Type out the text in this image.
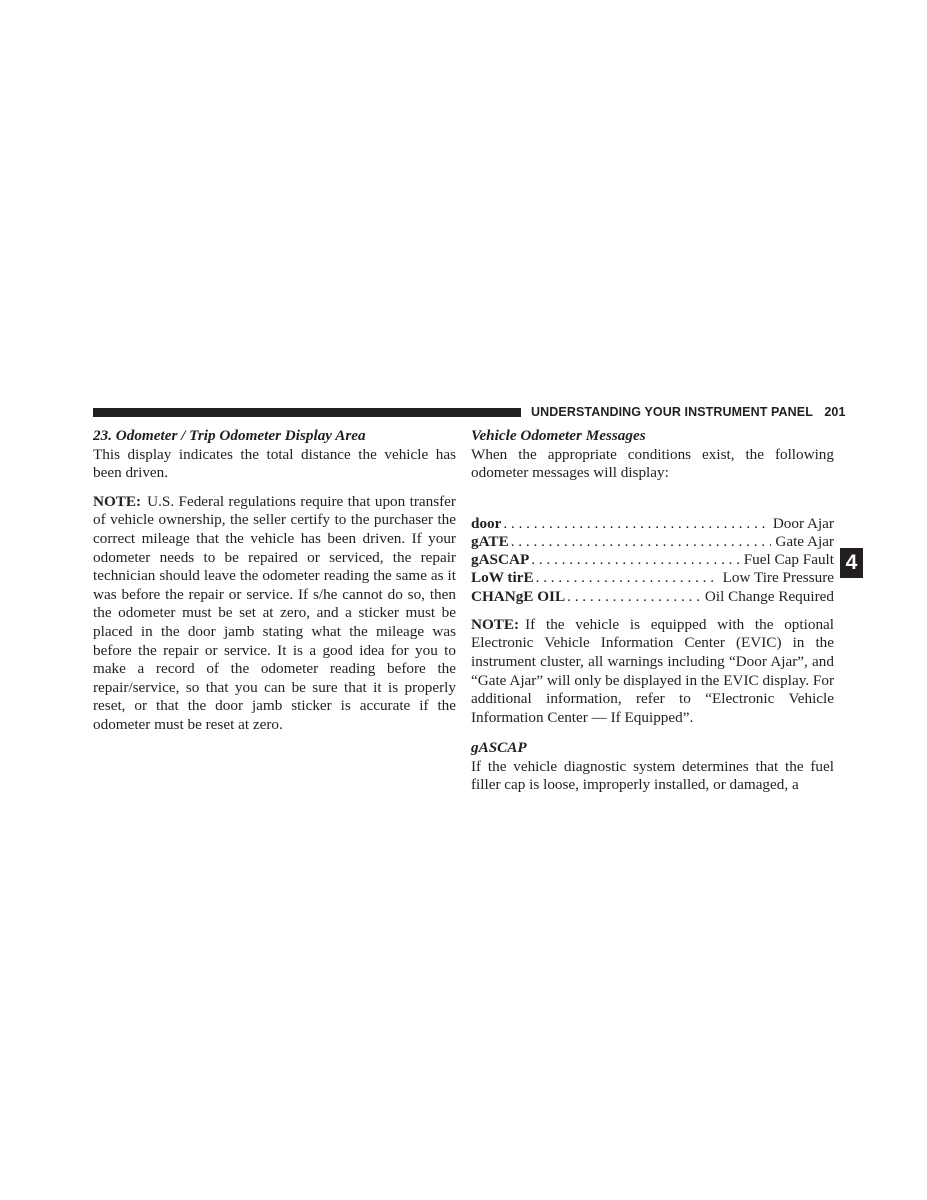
UNDERSTANDING YOUR INSTRUMENT PANEL 201
4
23. Odometer / Trip Odometer Display Area

This display indicates the total distance the vehicle has been driven.

NOTE: U.S. Federal regulations require that upon transfer of vehicle ownership, the seller certify to the purchaser the correct mileage that the vehicle has been driven. If your odometer needs to be repaired or serviced, the repair technician should leave the odometer reading the same as it was before the repair or service. If s/he cannot do so, then the odometer must be set at zero, and a sticker must be placed in the door jamb stating what the mileage was before the repair or service. It is a good idea for you to make a record of the odometer reading before the repair/service, so that you can be sure that it is properly reset, or that the door jamb sticker is accurate if the odometer must be reset at zero.

Vehicle Odometer Messages

When the appropriate conditions exist, the following odometer messages will display:

door . . .	Door Ajar
gATE . . .	Gate Ajar
gASCAP . . .	Fuel Cap Fault
LoW tirE . . .	Low Tire Pressure
CHANgE OIL . . .	Oil Change Required

NOTE: If the vehicle is equipped with the optional Electronic Vehicle Information Center (EVIC) in the instrument cluster, all warnings including “Door Ajar”, and “Gate Ajar” will only be displayed in the EVIC display. For additional information, refer to “Electronic Vehicle Information Center — If Equipped”.

gASCAP

If the vehicle diagnostic system determines that the fuel filler cap is loose, improperly installed, or damaged, a
